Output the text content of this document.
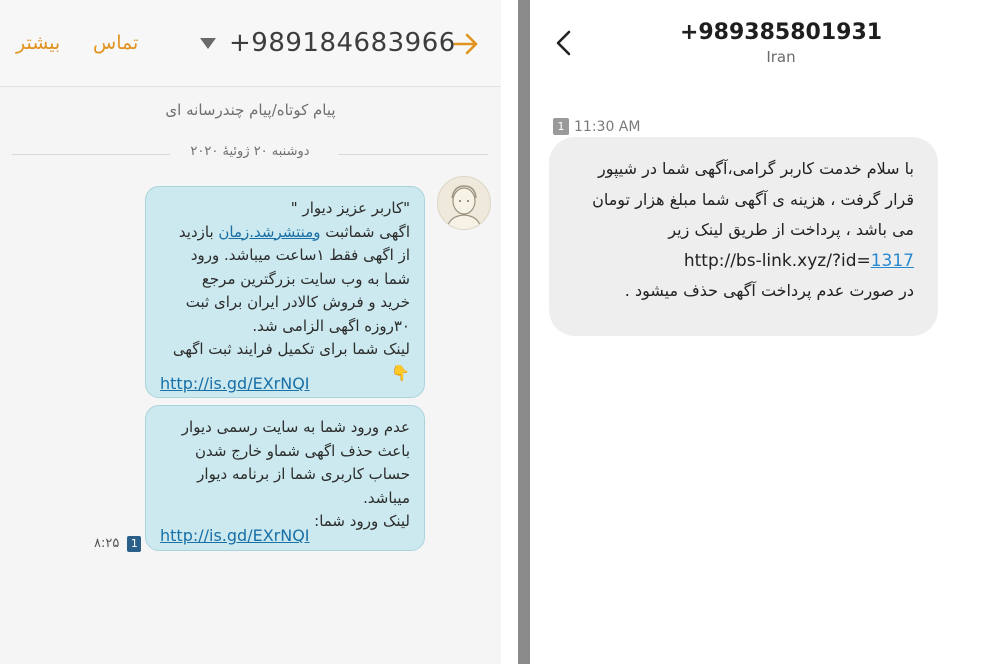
بیشتر تماس	+989184683966
پیام کوتاه/پیام چندرسانه ای
دوشنبه ۲۰ ژوئیهٔ ۲۰۲۰
"کاربر عزیز دیوار "
اگهی شماثبت ومنتشرشد.زمان بازدید
از اگهی فقط ۱ساعت میباشد. ورود
شما به وب سایت بزرگترین مرجع
خرید و فروش کالادر ایران برای ثبت
۳۰روزه اگهی الزامی شد.
لینک شما برای تکمیل فرایند ثبت اگهی
👇
http://is.gd/EXrNQI
عدم ورود شما به سایت رسمی دیوار
باعث حذف اگهی شماو خارج شدن
حساب کاربری شما از برنامه دیوار
میباشد.
لینک ورود شما:
http://is.gd/EXrNQI
۸:۲۵ 1
+989385801931
Iran
1 11:30 AM
با سلام خدمت کاربر گرامی،آگهی شما در شیپور
قرار گرفت ، هزینه ی آگهی شما مبلغ هزار تومان
می باشد ، پرداخت از طریق لینک زیر
http://bs-link.xyz/?id=1317
در صورت عدم پرداخت آگهی حذف میشود .
